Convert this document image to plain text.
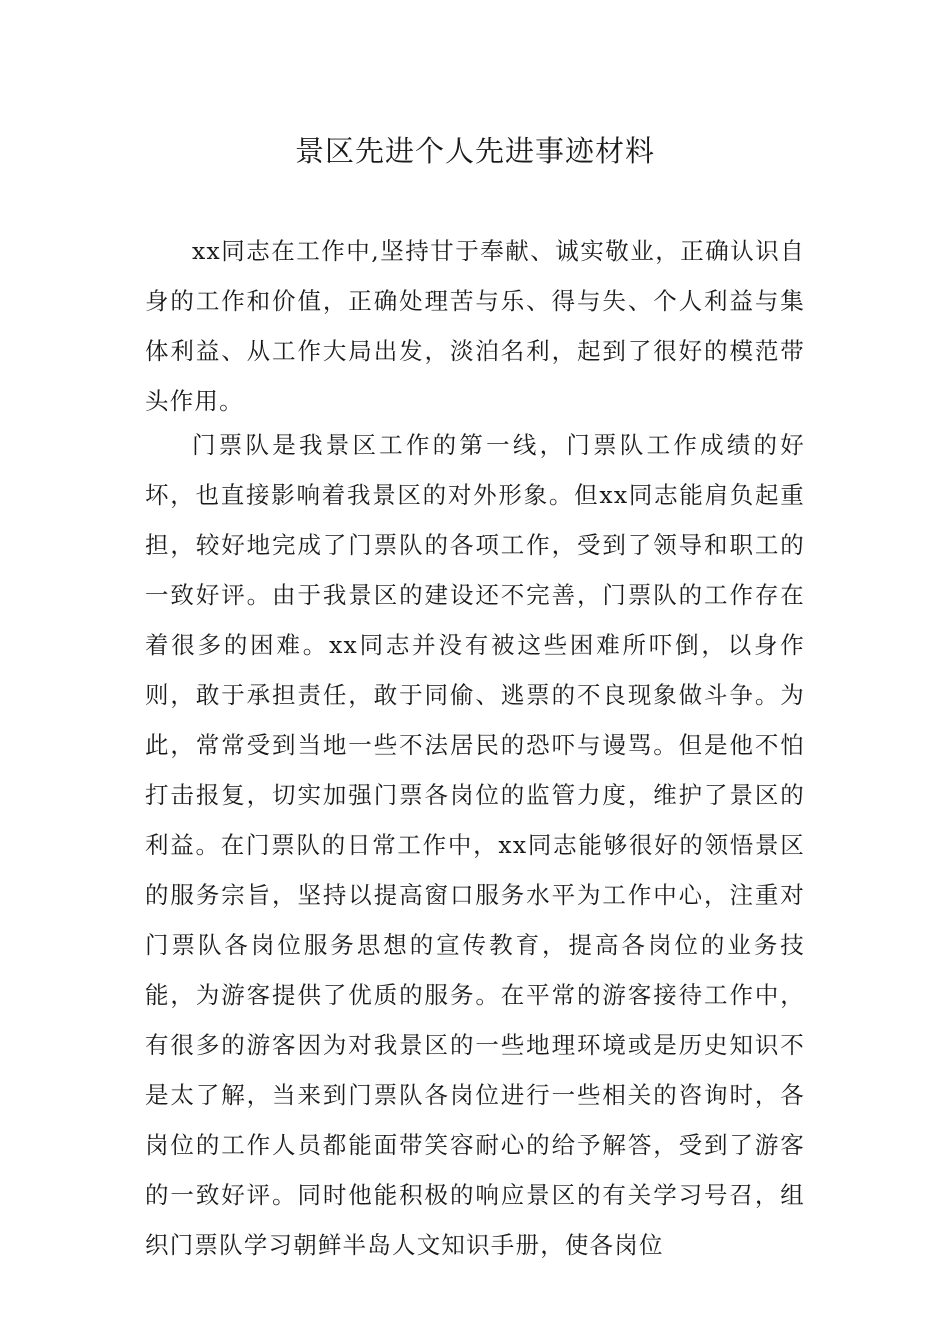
景区先进个人先进事迹材料

xx同志在工作中,坚持甘于奉献、诚实敬业，正确认识自身的工作和价值，正确处理苦与乐、得与失、个人利益与集体利益、从工作大局出发，淡泊名利，起到了很好的模范带头作用。

门票队是我景区工作的第一线，门票队工作成绩的好坏，也直接影响着我景区的对外形象。但xx同志能肩负起重担，较好地完成了门票队的各项工作，受到了领导和职工的一致好评。由于我景区的建设还不完善，门票队的工作存在着很多的困难。xx同志并没有被这些困难所吓倒，以身作则，敢于承担责任，敢于同偷、逃票的不良现象做斗争。为此，常常受到当地一些不法居民的恐吓与谩骂。但是他不怕打击报复，切实加强门票各岗位的监管力度，维护了景区的利益。在门票队的日常工作中，xx同志能够很好的领悟景区的服务宗旨，坚持以提高窗口服务水平为工作中心，注重对门票队各岗位服务思想的宣传教育，提高各岗位的业务技能，为游客提供了优质的服务。在平常的游客接待工作中，有很多的游客因为对我景区的一些地理环境或是历史知识不是太了解，当来到门票队各岗位进行一些相关的咨询时，各岗位的工作人员都能面带笑容耐心的给予解答，受到了游客的一致好评。同时他能积极的响应景区的有关学习号召，组织门票队学习朝鲜半岛人文知识手册，使各岗位
